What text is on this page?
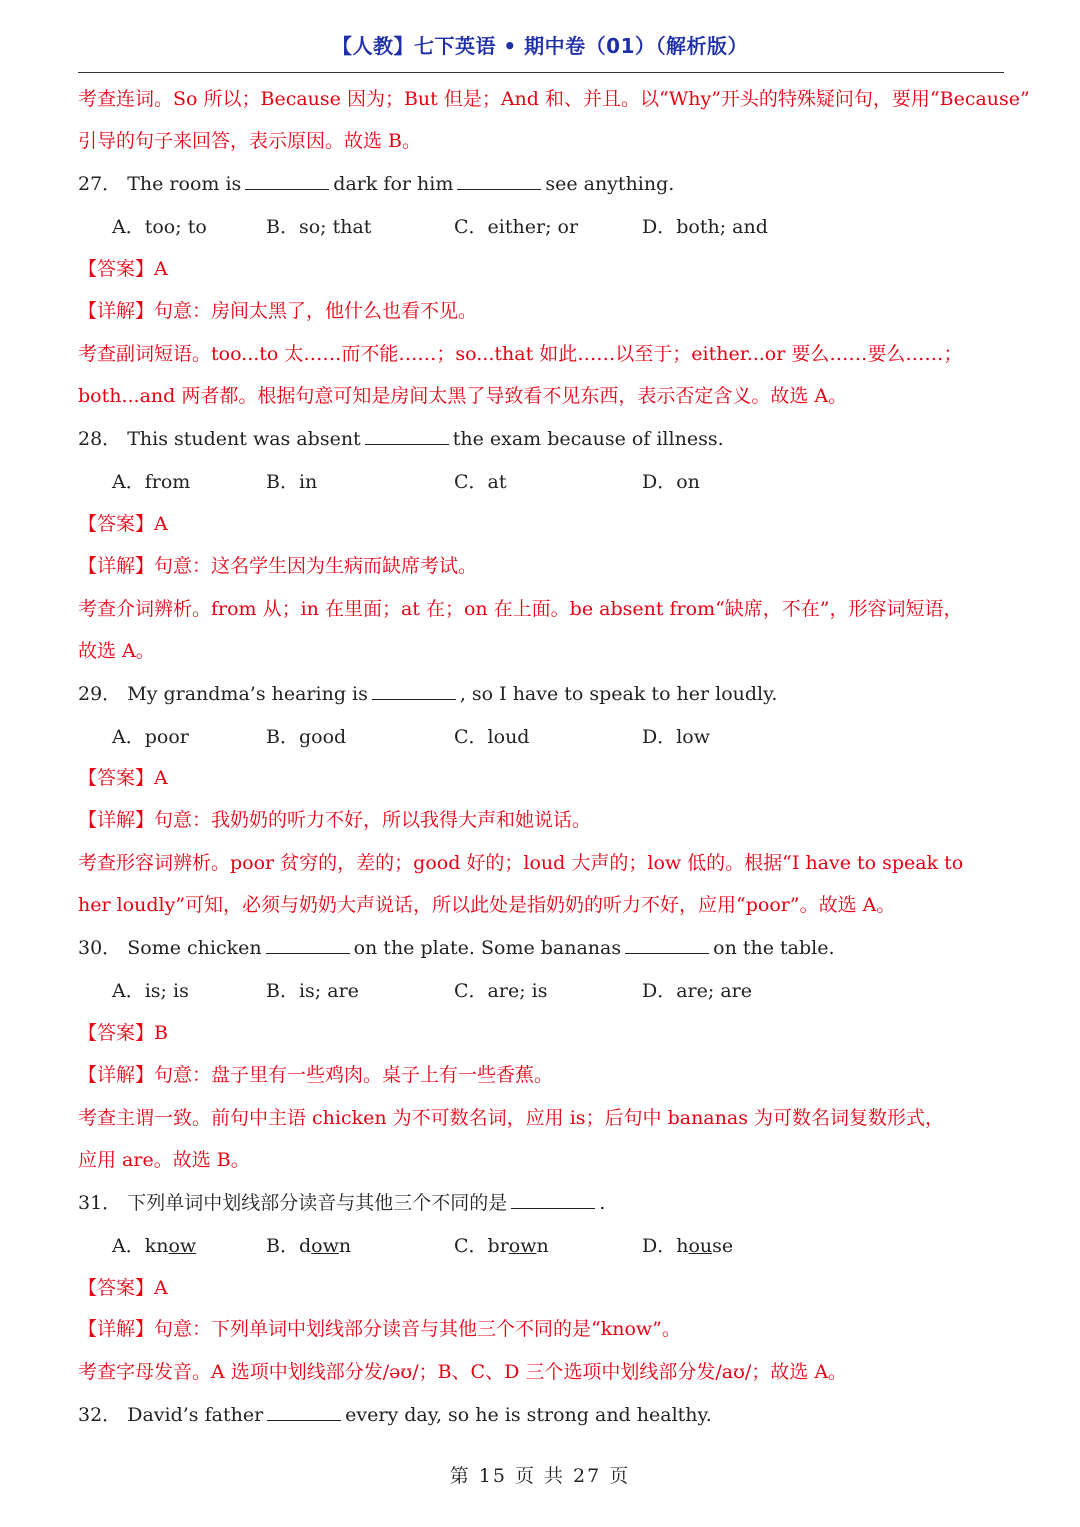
【人教】七下英语 • 期中卷（01）（解析版）
考查连词。So 所以；Because 因为；But 但是；And 和、并且。以“Why”开头的特殊疑问句，要用“Because”
引导的句子来回答，表示原因。故选 B。
27． The room is	dark for him	see anything.
A．too; to	B．so; that	C．either; or	D．both; and
【答案】A
【详解】句意：房间太黑了，他什么也看不见。
考查副词短语。too...to 太……而不能……；so...that 如此……以至于；either...or 要么……要么……；
both...and 两者都。根据句意可知是房间太黑了导致看不见东西，表示否定含义。故选 A。
28． This student was absent	the exam because of illness.
A．from	B．in	C．at	D．on
【答案】A
【详解】句意：这名学生因为生病而缺席考试。
考查介词辨析。from 从；in 在里面；at 在；on 在上面。be absent from“缺席，不在”，形容词短语，
故选 A。
29． My grandma’s hearing is	, so I have to speak to her loudly.
A．poor	B．good	C．loud	D．low
【答案】A
【详解】句意：我奶奶的听力不好，所以我得大声和她说话。
考查形容词辨析。poor 贫穷的，差的；good 好的；loud 大声的；low 低的。根据“I have to speak to
her loudly”可知，必须与奶奶大声说话，所以此处是指奶奶的听力不好，应用“poor”。故选 A。
30． Some chicken	on the plate. Some bananas	on the table.
A．is; is	B．is; are	C．are; is	D．are; are
【答案】B
【详解】句意：盘子里有一些鸡肉。桌子上有一些香蕉。
考查主谓一致。前句中主语 chicken 为不可数名词，应用 is；后句中 bananas 为可数名词复数形式，
应用 are。故选 B。
31． 下列单词中划线部分读音与其他三个不同的是	.
A．know	B．down	C．brown	D．house
【答案】A
【详解】句意：下列单词中划线部分读音与其他三个不同的是“know”。
考查字母发音。A 选项中划线部分发/əʊ/；B、C、D 三个选项中划线部分发/aʊ/；故选 A。
32． David’s father	every day, so he is strong and healthy.
第 15 页 共 27 页
